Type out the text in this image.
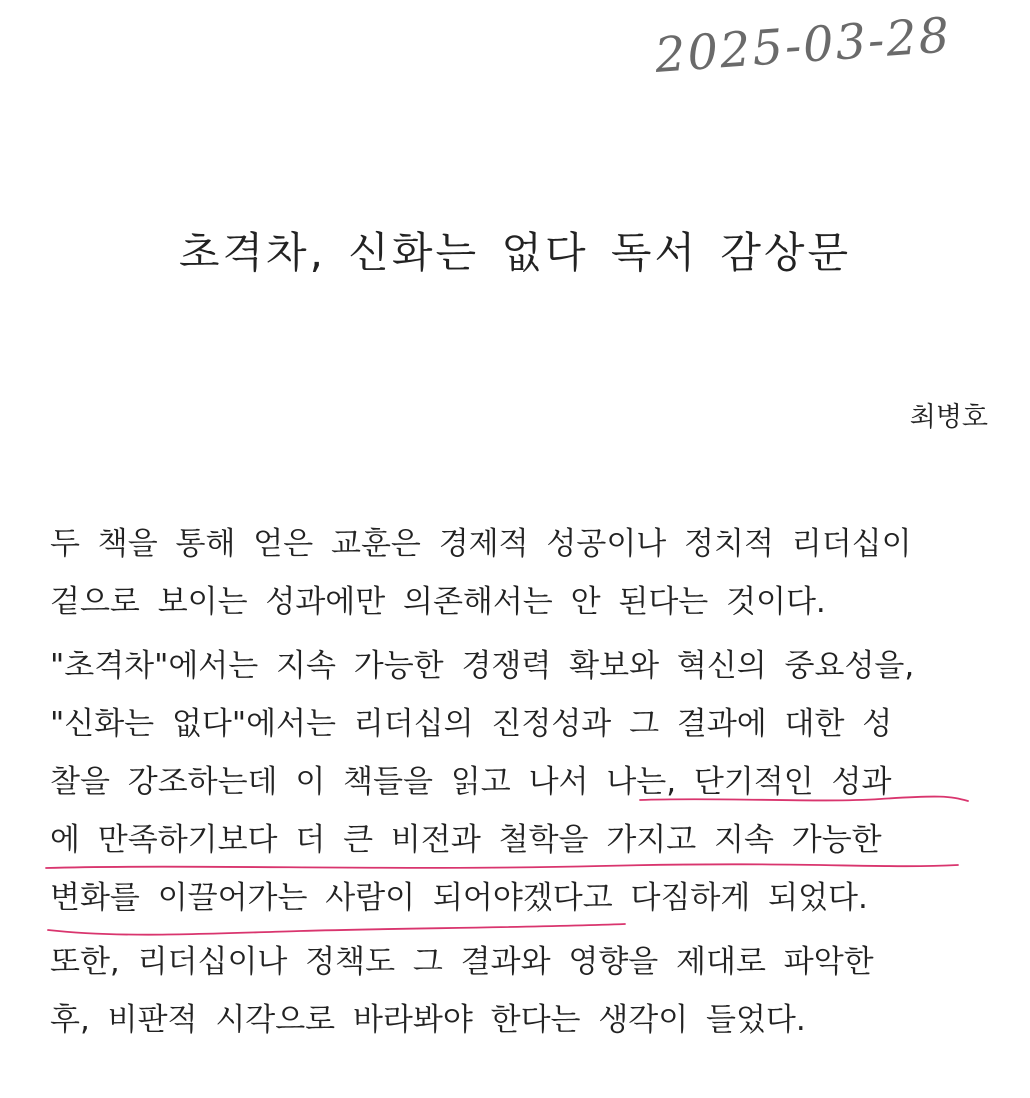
2025-03-28
초격차, 신화는 없다 독서 감상문
최병호

두 책을 통해 얻은 교훈은 경제적 성공이나 정치적 리더십이
겉으로 보이는 성과에만 의존해서는 안 된다는 것이다.

"초격차"에서는 지속 가능한 경쟁력 확보와 혁신의 중요성을,
"신화는 없다"에서는 리더십의 진정성과 그 결과에 대한 성
찰을 강조하는데 이 책들을 읽고 나서 나는, 단기적인 성과
에 만족하기보다 더 큰 비전과 철학을 가지고 지속 가능한
변화를 이끌어가는 사람이 되어야겠다고 다짐하게 되었다.

또한, 리더십이나 정책도 그 결과와 영향을 제대로 파악한
후, 비판적 시각으로 바라봐야 한다는 생각이 들었다.
